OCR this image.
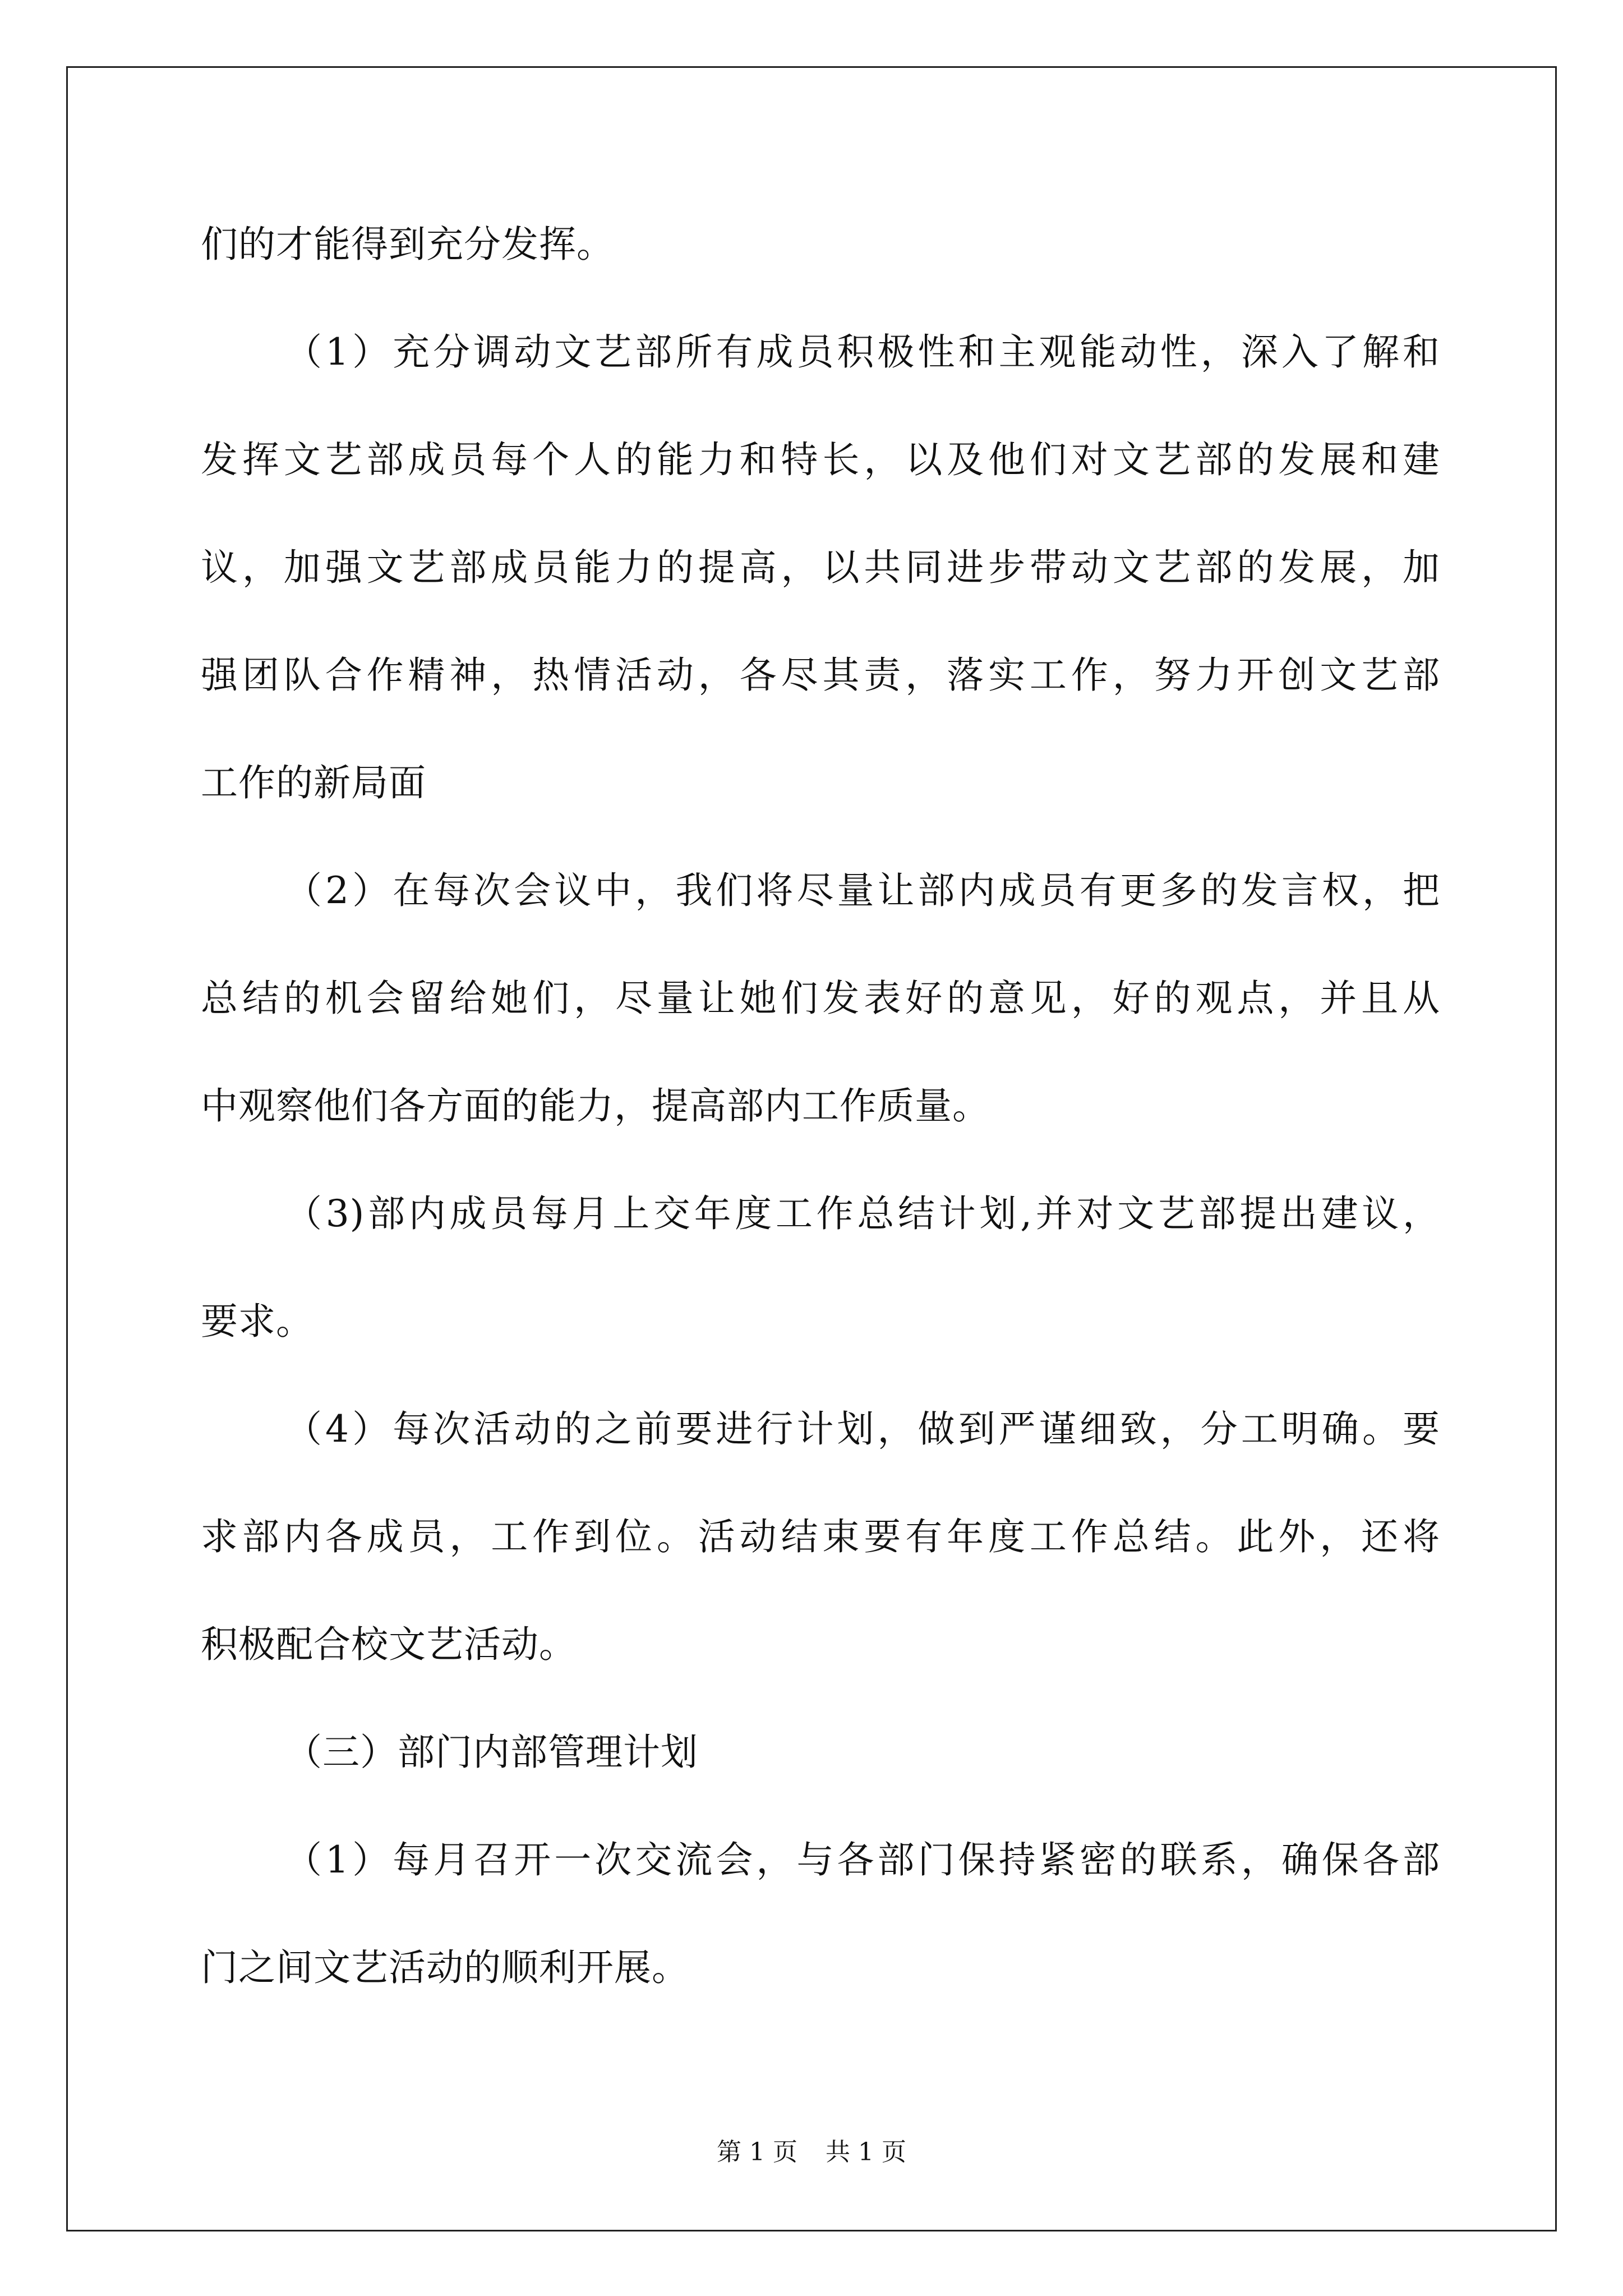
们的才能得到充分发挥。
（1）充分调动文艺部所有成员积极性和主观能动性，深入了解和
发挥文艺部成员每个人的能力和特长，以及他们对文艺部的发展和建
议，加强文艺部成员能力的提高，以共同进步带动文艺部的发展，加
强团队合作精神，热情活动，各尽其责，落实工作，努力开创文艺部
工作的新局面
（2）在每次会议中，我们将尽量让部内成员有更多的发言权，把
总结的机会留给她们，尽量让她们发表好的意见，好的观点，并且从
中观察他们各方面的能力，提高部内工作质量。
（3)部内成员每月上交年度工作总结计划,并对文艺部提出建议，
要求。
（4）每次活动的之前要进行计划，做到严谨细致，分工明确。要
求部内各成员，工作到位。活动结束要有年度工作总结。此外，还将
积极配合校文艺活动。
（三）部门内部管理计划
（1）每月召开一次交流会，与各部门保持紧密的联系，确保各部
门之间文艺活动的顺利开展。
第 1 页 共 1 页
